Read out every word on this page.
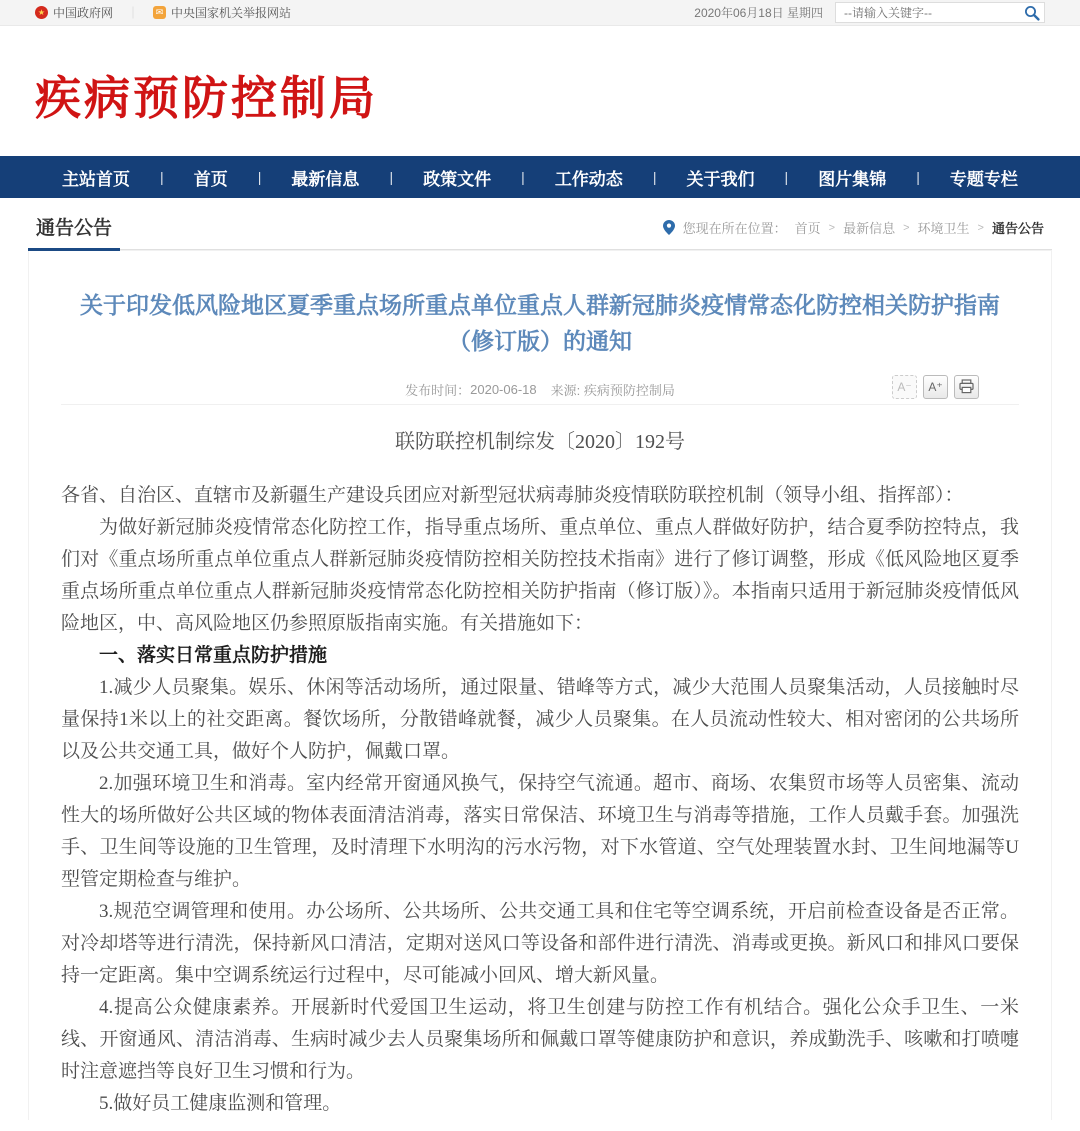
★ 中国政府网	｜	✉ 中央国家机关举报网站	2020年06月18日 星期四
--请输入关键字--
疾病预防控制局
主站首页 | 首页 | 最新信息 | 政策文件 | 工作动态 | 关于我们 | 图片集锦 | 专题专栏
通告公告	您现在所在位置： 首页 > 最新信息 > 环境卫生 > 通告公告
关于印发低风险地区夏季重点场所重点单位重点人群新冠肺炎疫情常态化防控相关防护指南
（修订版）的通知
发布时间： 2020-06-18 来源:
疾病预防控制局	A⁻	A⁺
联防联控机制综发〔2020〕192号

各省、自治区、直辖市及新疆生产建设兵团应对新型冠状病毒肺炎疫情联防联控机制（领导小组、指挥部）：

为做好新冠肺炎疫情常态化防控工作，指导重点场所、重点单位、重点人群做好防护，结合夏季防控特点，我们对《重点场所重点单位重点人群新冠肺炎疫情防控相关防控技术指南》进行了修订调整，形成《低风险地区夏季重点场所重点单位重点人群新冠肺炎疫情常态化防控相关防护指南（修订版）》。本指南只适用于新冠肺炎疫情低风险地区，中、高风险地区仍参照原版指南实施。有关措施如下：

一、落实日常重点防护措施

1.减少人员聚集。娱乐、休闲等活动场所，通过限量、错峰等方式，减少大范围人员聚集活动，人员接触时尽量保持1米以上的社交距离。餐饮场所，分散错峰就餐，减少人员聚集。在人员流动性较大、相对密闭的公共场所以及公共交通工具，做好个人防护，佩戴口罩。

2.加强环境卫生和消毒。室内经常开窗通风换气，保持空气流通。超市、商场、农集贸市场等人员密集、流动性大的场所做好公共区域的物体表面清洁消毒，落实日常保洁、环境卫生与消毒等措施，工作人员戴手套。加强洗手、卫生间等设施的卫生管理，及时清理下水明沟的污水污物，对下水管道、空气处理装置水封、卫生间地漏等U型管定期检查与维护。

3.规范空调管理和使用。办公场所、公共场所、公共交通工具和住宅等空调系统，开启前检查设备是否正常。对冷却塔等进行清洗，保持新风口清洁，定期对送风口等设备和部件进行清洗、消毒或更换。新风口和排风口要保持一定距离。集中空调系统运行过程中，尽可能减小回风、增大新风量。

4.提高公众健康素养。开展新时代爱国卫生运动，将卫生创建与防控工作有机结合。强化公众手卫生、一米线、开窗通风、清洁消毒、生病时减少去人员聚集场所和佩戴口罩等健康防护和意识，养成勤洗手、咳嗽和打喷嚏时注意遮挡等良好卫生习惯和行为。

5.做好员工健康监测和管理。
